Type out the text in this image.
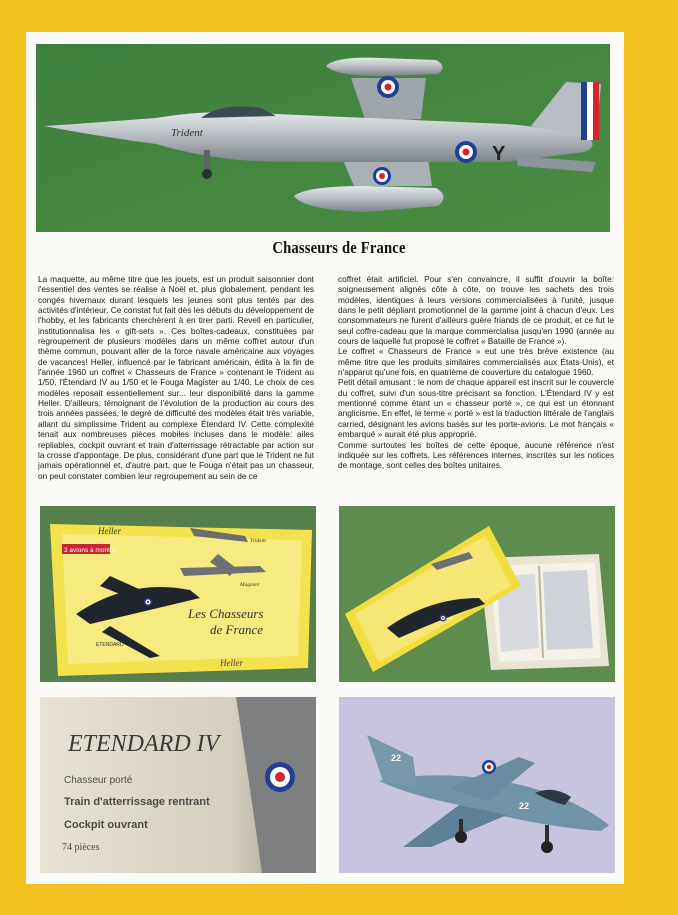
Trident
Y
Chasseurs de France

La maquette, au même titre que les jouets, est un produit saisonnier dont l'essentiel des ventes se réalise à Noël et, plus globalement, pendant les congés hivernaux durant lesquels les jeunes sont plus tentés par des activités d'intérieur. Ce constat fut fait dès les débuts du développement de l'hobby, et les fabricants cherchèrent à en tirer parti. Revell en particulier, institutionnalisa les « gift-sets ». Ces boîtes-cadeaux, constituées par regroupement de plusieurs modèles dans un même coffret autour d'un thème commun, pouvant aller de la force navale américaine aux voyages de vacances! Heller, influencé par le fabricant américain, édita à la fin de l'année 1960 un coffret « Chasseurs de France » contenant le Trident au 1/50, l'Étendard IV au 1/50 et le Fouga Magister au 1/40. Le choix de ces modèles reposait essentiellement sur... leur disponibilité dans la gamme Heller. D'ailleurs, témoignant de l'évolution de la production au cours des trois années passées, le degré de difficulté des modèles était très variable, allant du simplissime Trident au complexe Étendard IV. Cette complexité tenait aux nombreuses pièces mobiles incluses dans le modèle: ailes repliables, cockpit ouvrant et train d'atterrissage rétractable par action sur la crosse d'appontage. De plus, considérant d'une part que le Trident ne fut jamais opérationnel et, d'autre part, que le Fouga n'était pas un chasseur, on peut constater combien leur regroupement au sein de ce

coffret était artificiel. Pour s'en convaincre, il suffit d'ouvrir la boîte: soigneusement alignés côte à côte, on trouve les sachets des trois modèles, identiques à leurs versions commercialisées à l'unité, jusque dans le petit dépliant promotionnel de la gamme joint à chacun d'eux. Les consommateurs ne furent d'ailleurs guère friands de ce produit, et ce fut le seul coffre-cadeau que la marque commercialisa jusqu'en 1990 (année au cours de laquelle fut proposé le coffret « Bataille de France »).

Le coffret « Chasseurs de France » eut une très brève existence (au même titre que les produits similaires commercialisés aux États-Unis), et n'apparut qu'une fois, en quatrième de couverture du catalogue 1960.

Petit détail amusant : le nom de chaque appareil est inscrit sur le couvercle du coffret, suivi d'un sous-titre précisant sa fonction. L'Étendard IV y est mentionné comme étant un « chasseur porté », ce qui est un étonnant anglicisme. En effet, le terme « porté » est la traduction littérale de l'anglais carried, désignant les avions basés sur les porte-avions. Le mot français « embarqué » aurait été plus approprié.

Comme surtoutes les boîtes de cette époque, aucune référence n'est indiquée sur les coffrets. Les références internes, inscrites sur les notices de montage, sont celles des boîtes unitaires.

3 avions à monter
Heller
Heller
Les Chasseurs
de France
ETENDARD
Magister
Trident
ETENDARD IV
Chasseur porté
Train d'atterrissage rentrant
Cockpit ouvrant
74 pièces
22
22
